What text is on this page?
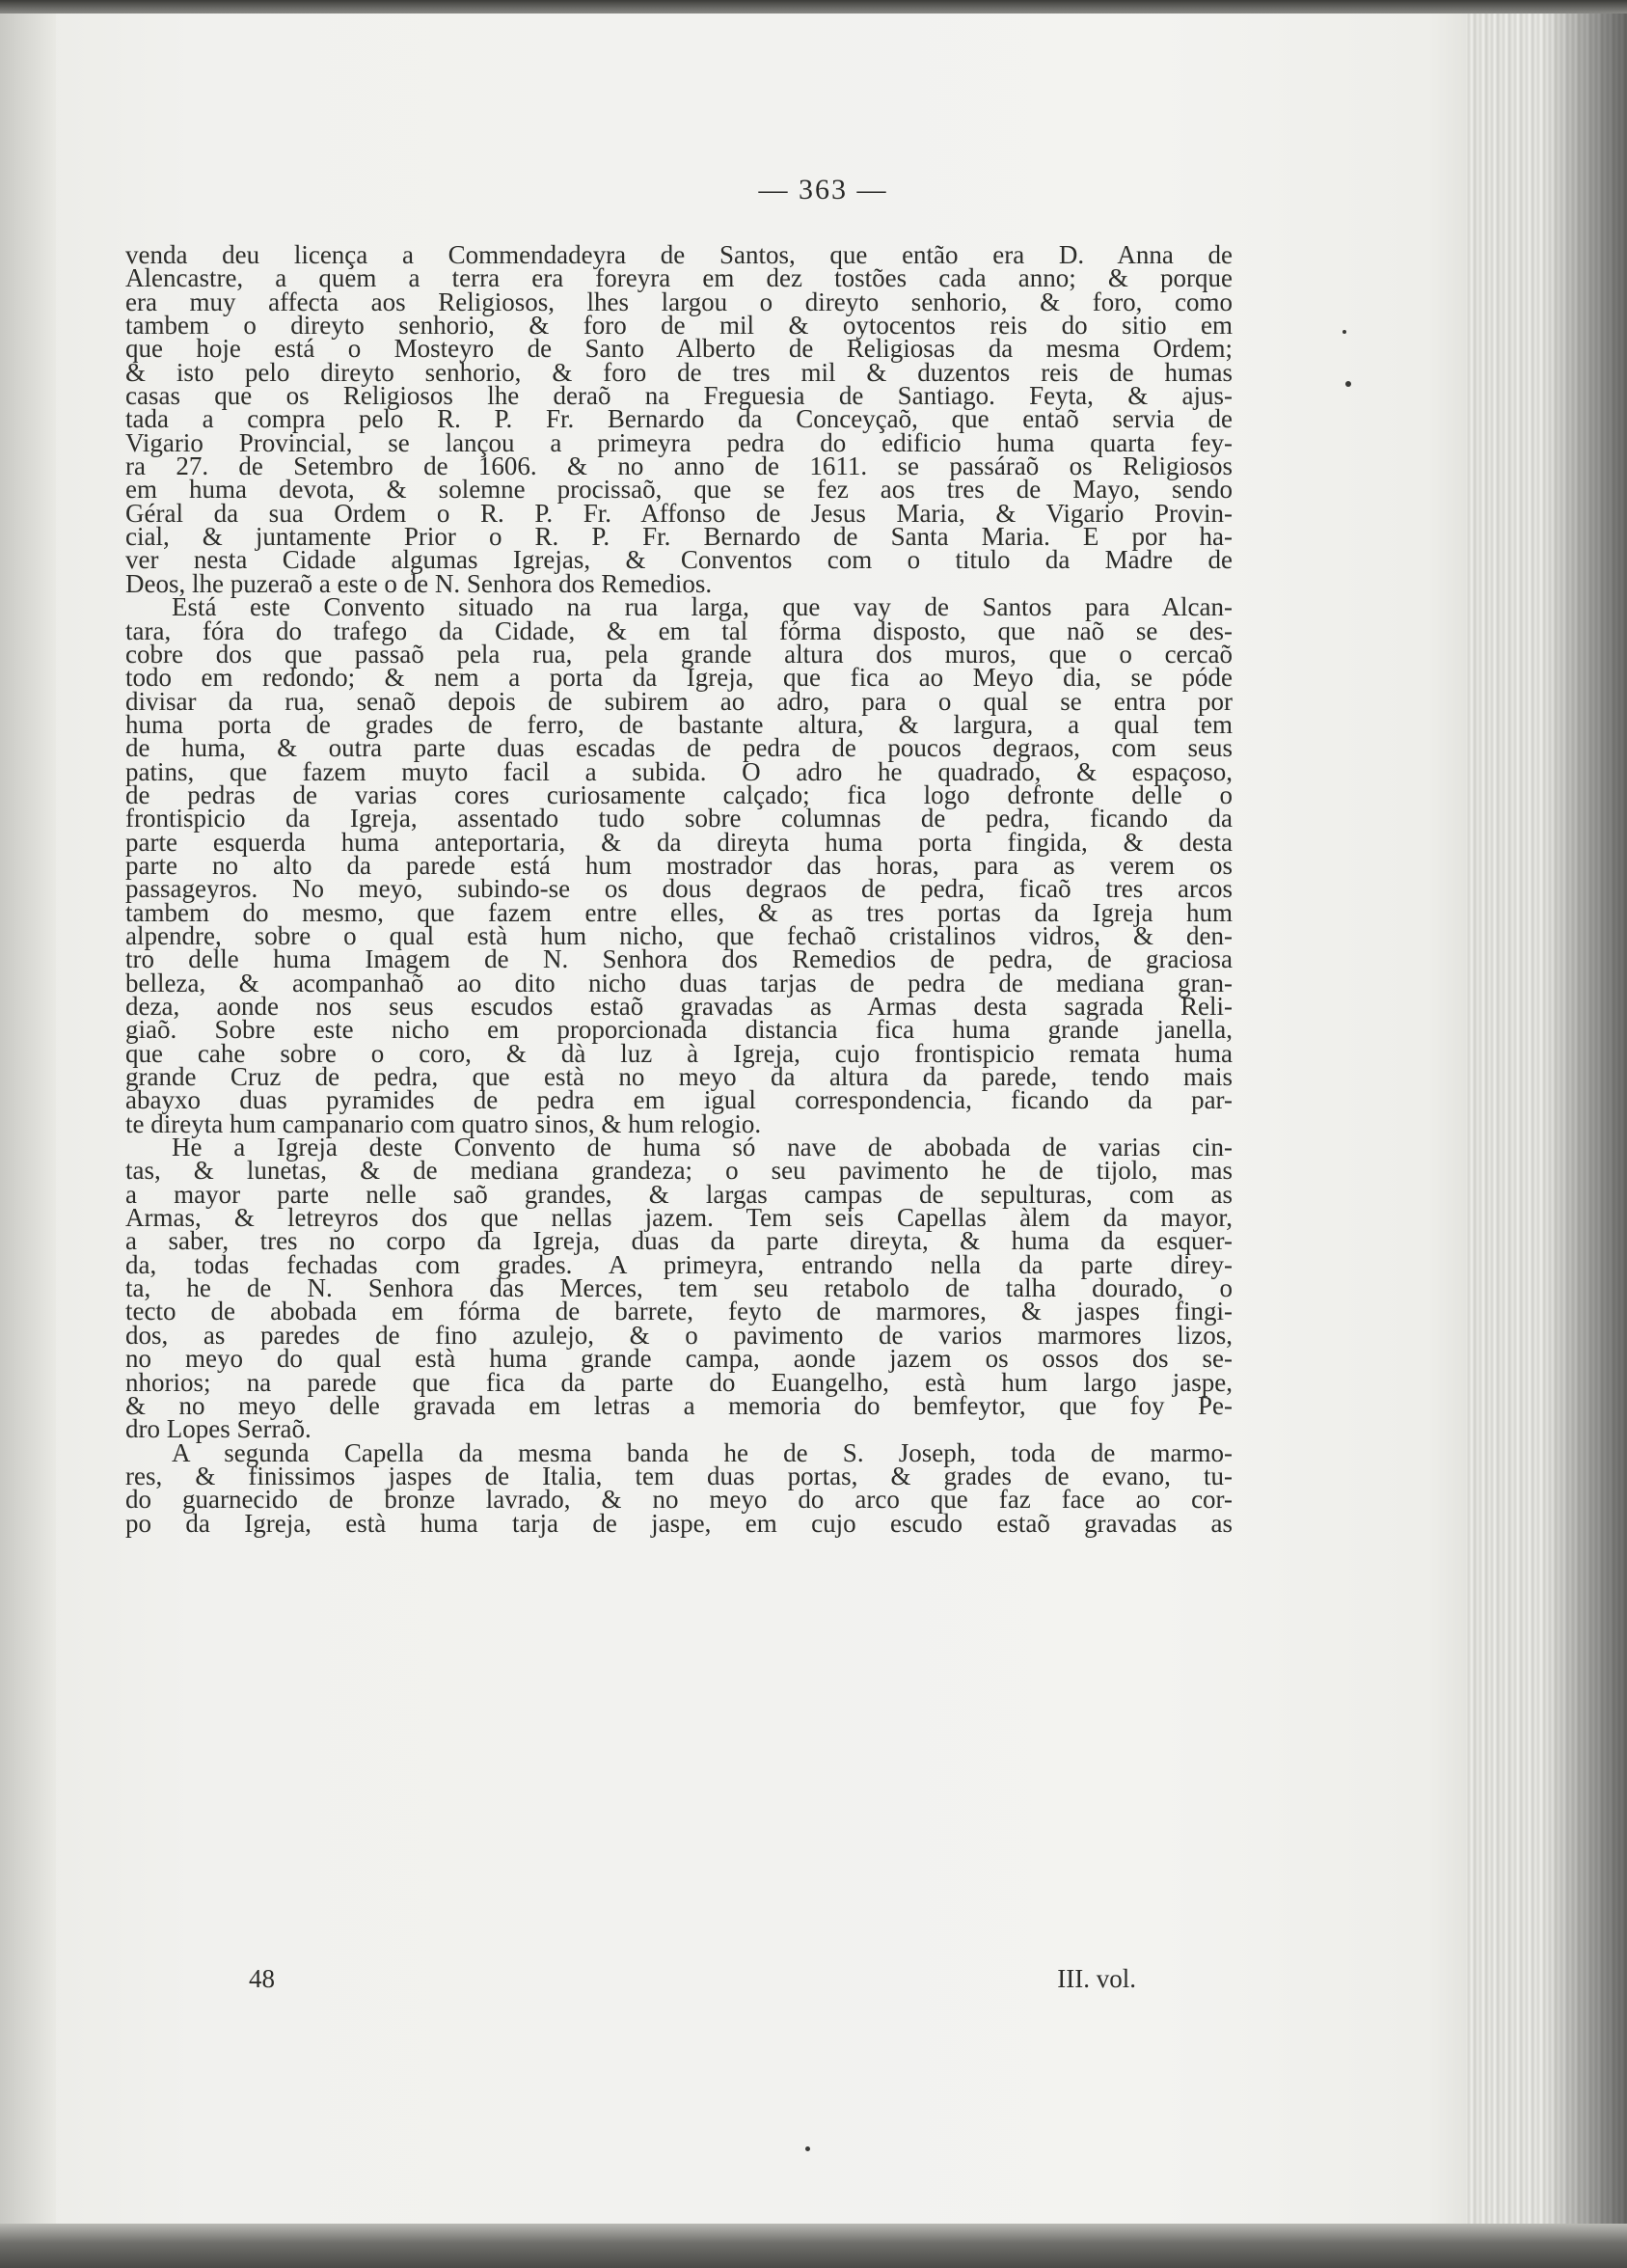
— 363 —
venda deu licença a Commendadeyra de Santos, que então era D. Anna de
Alencastre, a quem a terra era foreyra em dez tostões cada anno; & porque
era muy affecta aos Religiosos, lhes largou o direyto senhorio, & foro, como
tambem o direyto senhorio, & foro de mil & oytocentos reis do sitio em
que hoje está o Mosteyro de Santo Alberto de Religiosas da mesma Ordem;
& isto pelo direyto senhorio, & foro de tres mil & duzentos reis de humas
casas que os Religiosos lhe deraõ na Freguesia de Santiago. Feyta, & ajus-
tada a compra pelo R. P. Fr. Bernardo da Conceyçaõ, que entaõ servia de
Vigario Provincial, se lançou a primeyra pedra do edificio huma quarta fey-
ra 27. de Setembro de 1606. & no anno de 1611. se passáraõ os Religiosos
em huma devota, & solemne procissaõ, que se fez aos tres de Mayo, sendo
Géral da sua Ordem o R. P. Fr. Affonso de Jesus Maria, & Vigario Provin-
cial, & juntamente Prior o R. P. Fr. Bernardo de Santa Maria. E por ha-
ver nesta Cidade algumas Igrejas, & Conventos com o titulo da Madre de
Deos, lhe puzeraõ a este o de N. Senhora dos Remedios.
Está este Convento situado na rua larga, que vay de Santos para Alcan-
tara, fóra do trafego da Cidade, & em tal fórma disposto, que naõ se des-
cobre dos que passaõ pela rua, pela grande altura dos muros, que o cercaõ
todo em redondo; & nem a porta da Igreja, que fica ao Meyo dia, se póde
divisar da rua, senaõ depois de subirem ao adro, para o qual se entra por
huma porta de grades de ferro, de bastante altura, & largura, a qual tem
de huma, & outra parte duas escadas de pedra de poucos degraos, com seus
patins, que fazem muyto facil a subida. O adro he quadrado, & espaçoso,
de pedras de varias cores curiosamente calçado; fica logo defronte delle o
frontispicio da Igreja, assentado tudo sobre columnas de pedra, ficando da
parte esquerda huma anteportaria, & da direyta huma porta fingida, & desta
parte no alto da parede está hum mostrador das horas, para as verem os
passageyros. No meyo, subindo-se os dous degraos de pedra, ficaõ tres arcos
tambem do mesmo, que fazem entre elles, & as tres portas da Igreja hum
alpendre, sobre o qual està hum nicho, que fechaõ cristalinos vidros, & den-
tro delle huma Imagem de N. Senhora dos Remedios de pedra, de graciosa
belleza, & acompanhaõ ao dito nicho duas tarjas de pedra de mediana gran-
deza, aonde nos seus escudos estaõ gravadas as Armas desta sagrada Reli-
giaõ. Sobre este nicho em proporcionada distancia fica huma grande janella,
que cahe sobre o coro, & dà luz à Igreja, cujo frontispicio remata huma
grande Cruz de pedra, que està no meyo da altura da parede, tendo mais
abayxo duas pyramides de pedra em igual correspondencia, ficando da par-
te direyta hum campanario com quatro sinos, & hum relogio.
He a Igreja deste Convento de huma só nave de abobada de varias cin-
tas, & lunetas, & de mediana grandeza; o seu pavimento he de tijolo, mas
a mayor parte nelle saõ grandes, & largas campas de sepulturas, com as
Armas, & letreyros dos que nellas jazem. Tem seis Capellas àlem da mayor,
a saber, tres no corpo da Igreja, duas da parte direyta, & huma da esquer-
da, todas fechadas com grades. A primeyra, entrando nella da parte direy-
ta, he de N. Senhora das Merces, tem seu retabolo de talha dourado, o
tecto de abobada em fórma de barrete, feyto de marmores, & jaspes fingi-
dos, as paredes de fino azulejo, & o pavimento de varios marmores lizos,
no meyo do qual està huma grande campa, aonde jazem os ossos dos se-
nhorios; na parede que fica da parte do Euangelho, està hum largo jaspe,
& no meyo delle gravada em letras a memoria do bemfeytor, que foy Pe-
dro Lopes Serraõ.
A segunda Capella da mesma banda he de S. Joseph, toda de marmo-
res, & finissimos jaspes de Italia, tem duas portas, & grades de evano, tu-
do guarnecido de bronze lavrado, & no meyo do arco que faz face ao cor-
po da Igreja, està huma tarja de jaspe, em cujo escudo estaõ gravadas as
48	III. vol.
